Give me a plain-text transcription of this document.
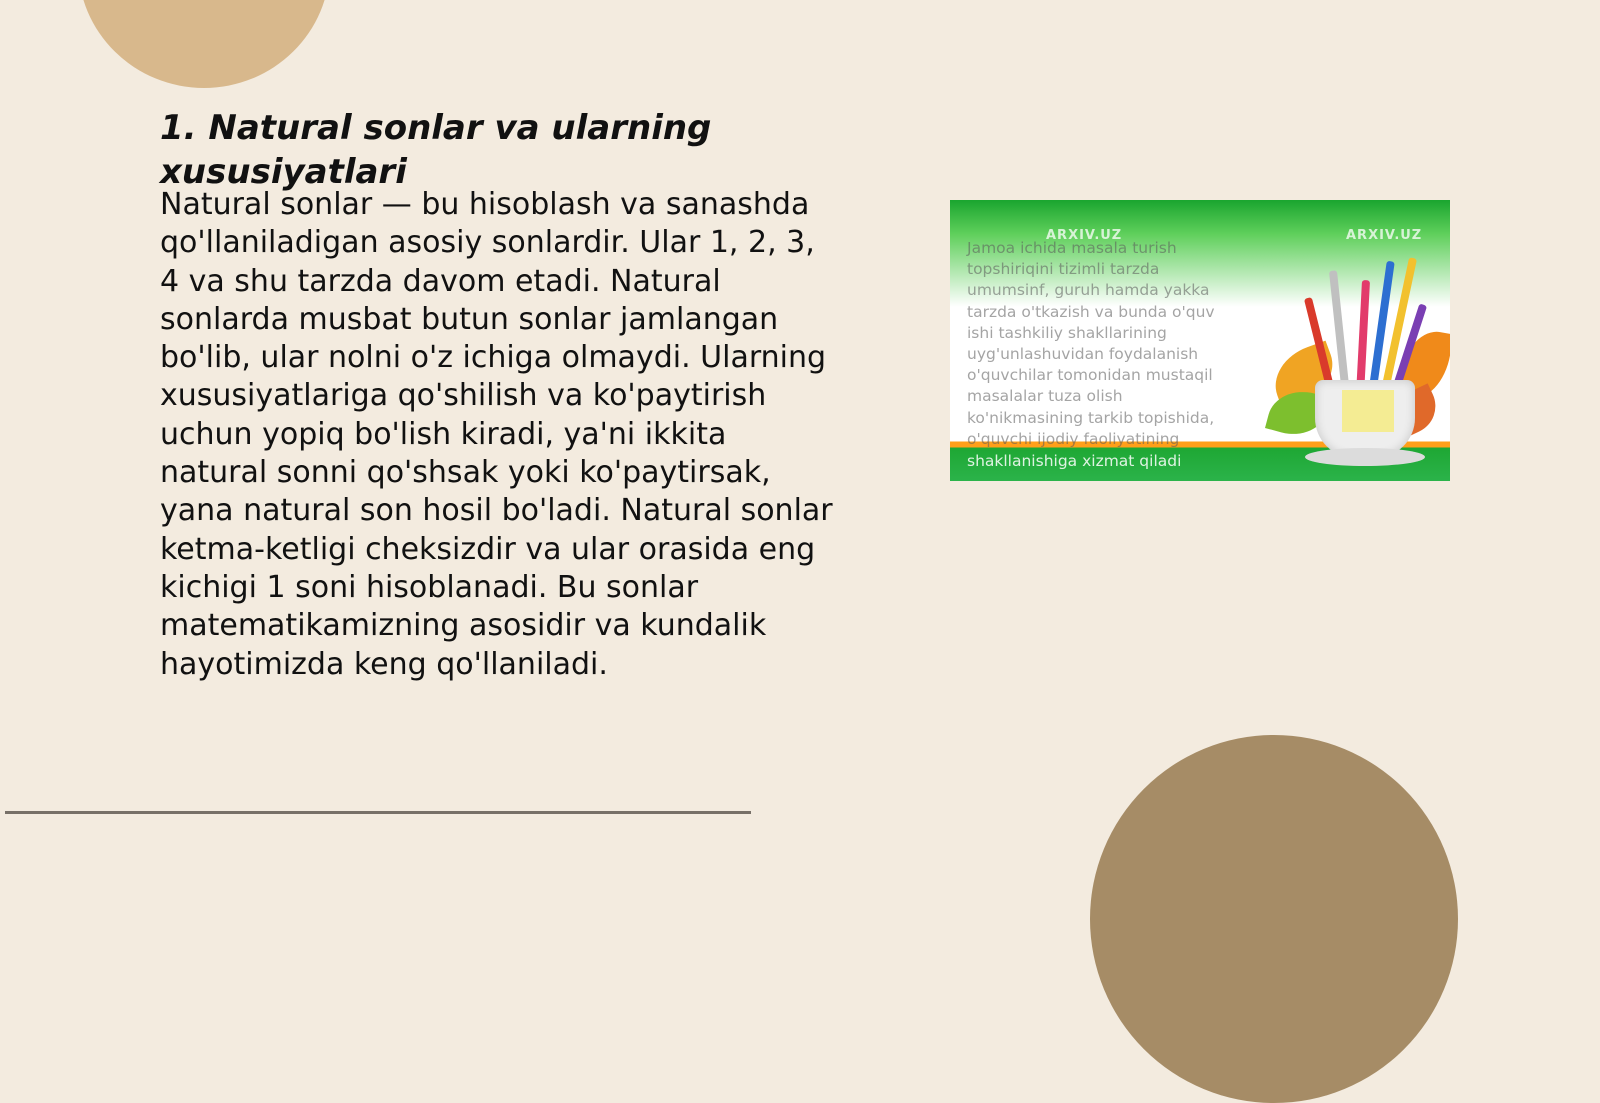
1. Natural sonlar va ularning xususiyatlari

Natural sonlar — bu hisoblash va sanashda qo'llaniladigan asosiy sonlardir. Ular 1, 2, 3, 4 va shu tarzda davom etadi. Natural sonlarda musbat butun sonlar jamlangan bo'lib, ular nolni o'z ichiga olmaydi. Ularning xususiyatlariga qo'shilish va ko'paytirish uchun yopiq bo'lish kiradi, ya'ni ikkita natural sonni qo'shsak yoki ko'paytirsak, yana natural son hosil bo'ladi. Natural sonlar ketma-ketligi cheksizdir va ular orasida eng kichigi 1 soni hisoblanadi. Bu sonlar matematikamizning asosidir va kundalik hayotimizda keng qo'llaniladi.

ARXIV.UZ	ARXIV.UZ
Jamoa ichida masala turish
topshiriqini tizimli tarzda
umumsinf, guruh hamda yakka
tarzda o'tkazish va bunda o'quv
ishi tashkiliy shakllarining
uyg'unlashuvidan foydalanish
o'quvchilar tomonidan mustaqil
masalalar tuza olish
ko'nikmasining tarkib topishida,
o'quvchi ijodiy faoliyatining
shakllanishiga xizmat qiladi
